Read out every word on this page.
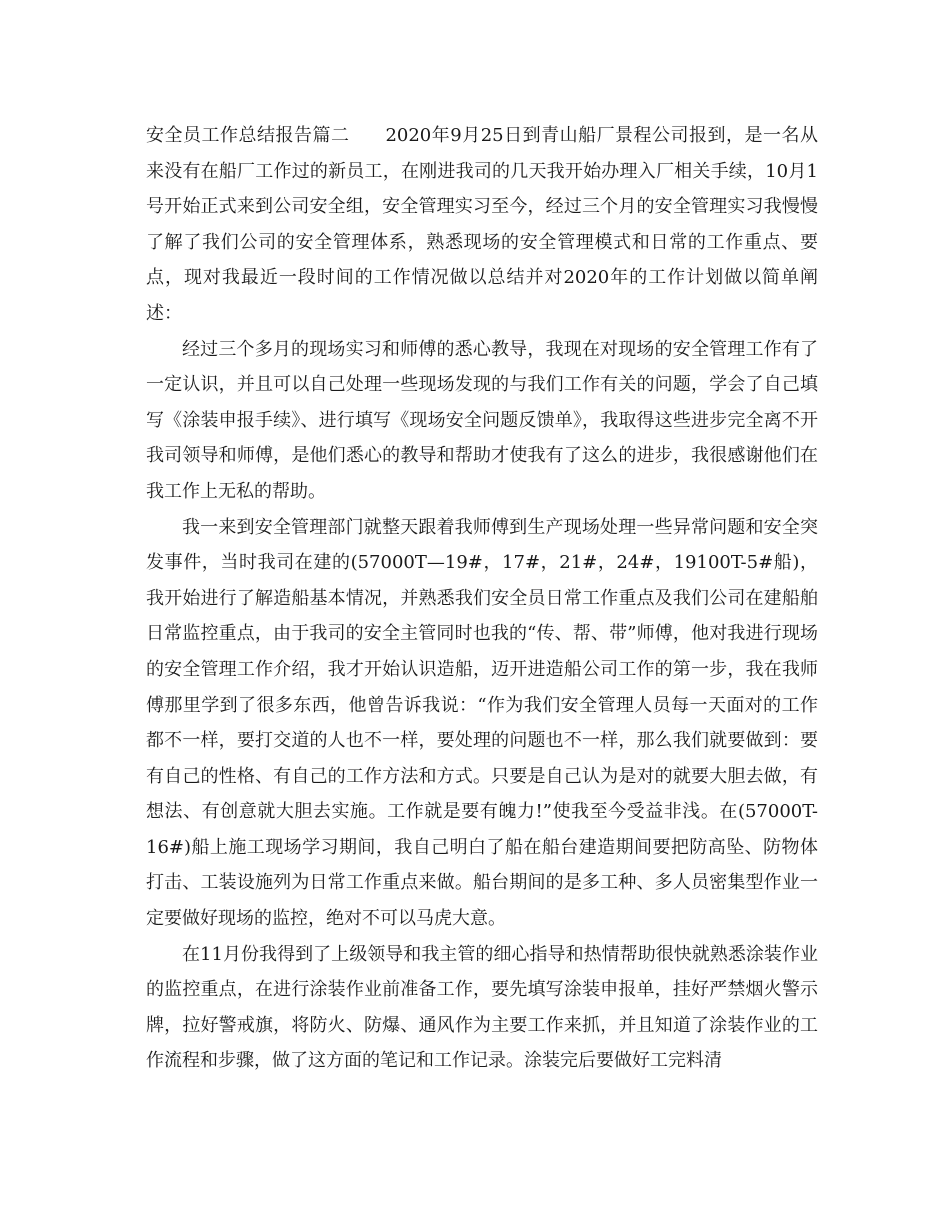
安全员工作总结报告篇二 2020年9月25日到青山船厂景程公司报到，是一名从来没有在船厂工作过的新员工，在刚进我司的几天我开始办理入厂相关手续，10月1号开始正式来到公司安全组，安全管理实习至今，经过三个月的安全管理实习我慢慢了解了我们公司的安全管理体系，熟悉现场的安全管理模式和日常的工作重点、要点，现对我最近一段时间的工作情况做以总结并对2020年的工作计划做以简单阐述：

经过三个多月的现场实习和师傅的悉心教导，我现在对现场的安全管理工作有了一定认识，并且可以自己处理一些现场发现的与我们工作有关的问题，学会了自己填写《涂装申报手续》、进行填写《现场安全问题反馈单》，我取得这些进步完全离不开我司领导和师傅，是他们悉心的教导和帮助才使我有了这么的进步，我很感谢他们在我工作上无私的帮助。

我一来到安全管理部门就整天跟着我师傅到生产现场处理一些异常问题和安全突发事件，当时我司在建的(57000T—19#，17#，21#，24#，19100T-5#船)，我开始进行了解造船基本情况，并熟悉我们安全员日常工作重点及我们公司在建船舶日常监控重点，由于我司的安全主管同时也我的“传、帮、带”师傅，他对我进行现场的安全管理工作介绍，我才开始认识造船，迈开进造船公司工作的第一步，我在我师傅那里学到了很多东西，他曾告诉我说：“作为我们安全管理人员每一天面对的工作都不一样，要打交道的人也不一样，要处理的问题也不一样，那么我们就要做到：要有自己的性格、有自己的工作方法和方式。只要是自己认为是对的就要大胆去做，有想法、有创意就大胆去实施。工作就是要有魄力!”使我至今受益非浅。在(57000T-16#)船上施工现场学习期间，我自己明白了船在船台建造期间要把防高坠、防物体打击、工装设施列为日常工作重点来做。船台期间的是多工种、多人员密集型作业一定要做好现场的监控，绝对不可以马虎大意。

在11月份我得到了上级领导和我主管的细心指导和热情帮助很快就熟悉涂装作业的监控重点，在进行涂装作业前准备工作，要先填写涂装申报单，挂好严禁烟火警示牌，拉好警戒旗，将防火、防爆、通风作为主要工作来抓，并且知道了涂装作业的工作流程和步骤，做了这方面的笔记和工作记录。涂装完后要做好工完料清
